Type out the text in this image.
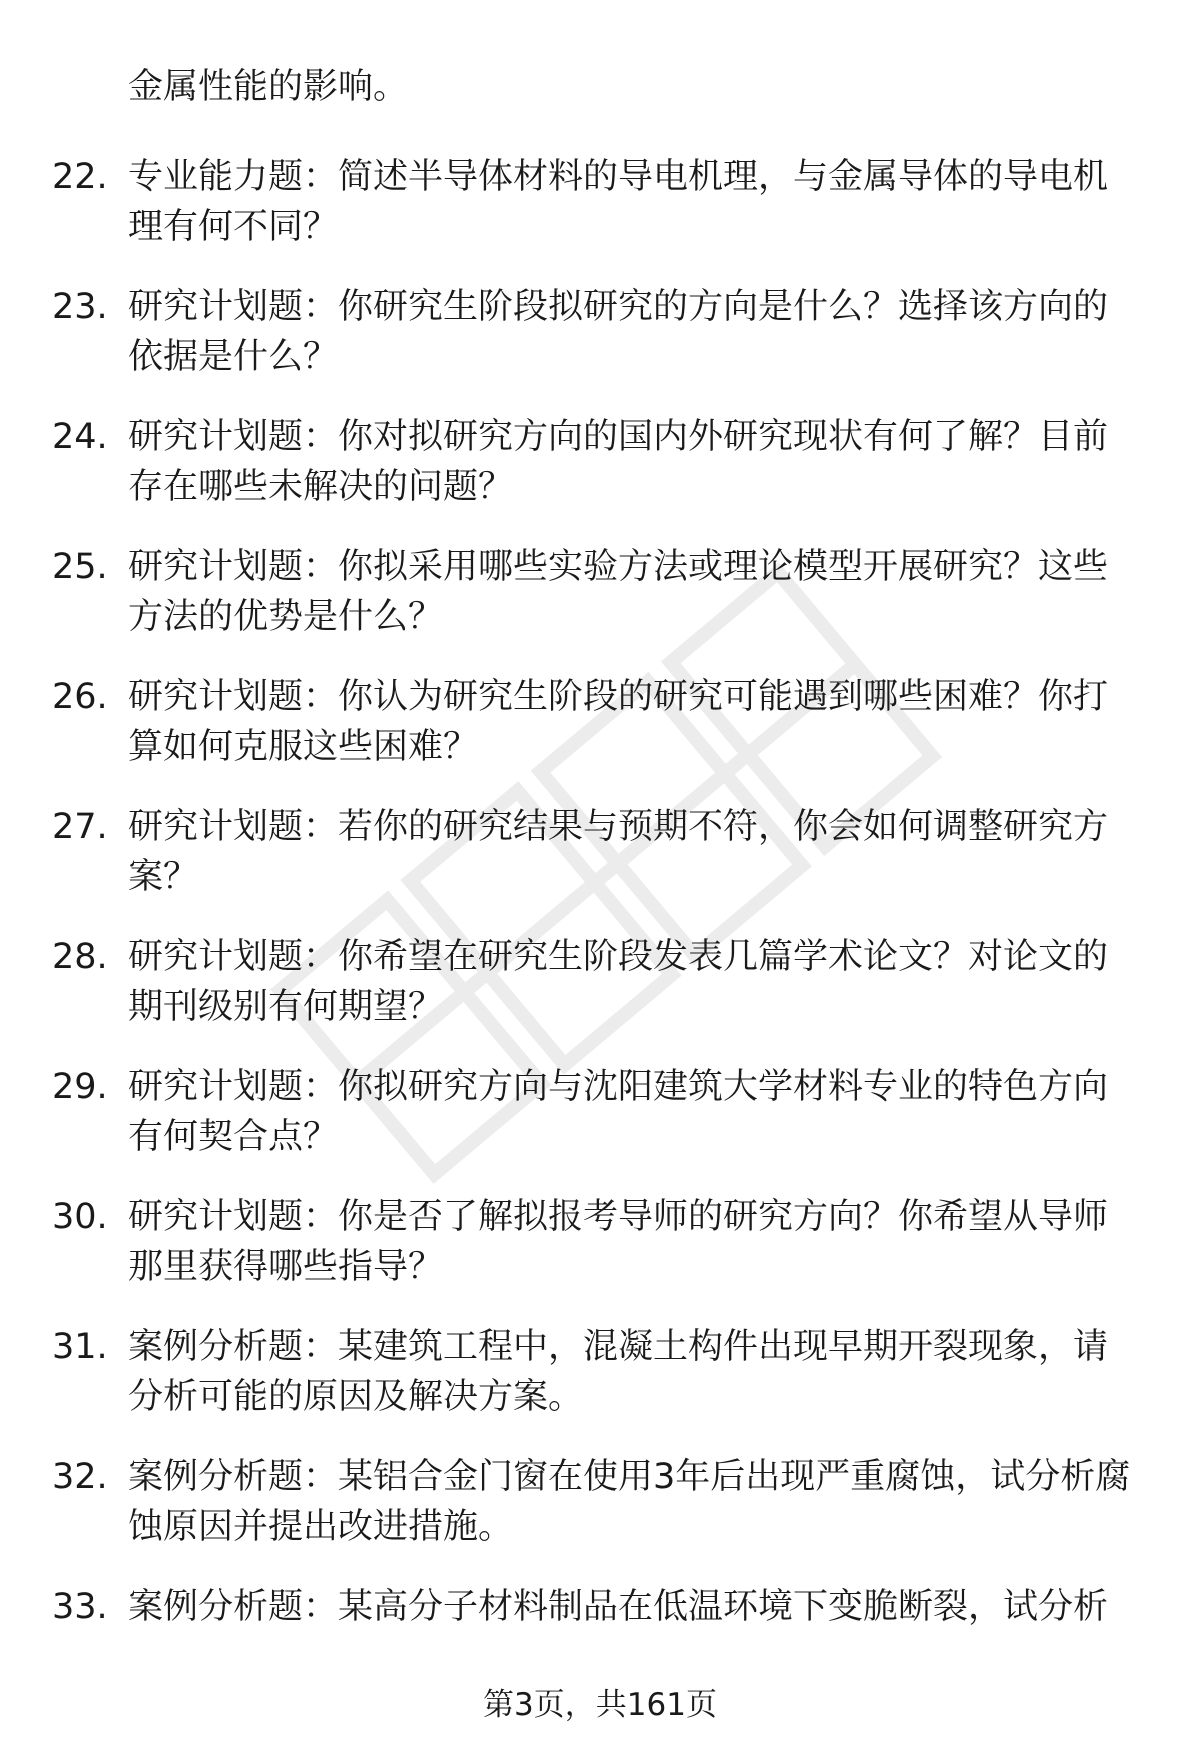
金属性能的影响。
22. 专业能力题：简述半导体材料的导电机理，与金属导体的导电机
理有何不同？
23. 研究计划题：你研究生阶段拟研究的方向是什么？选择该方向的
依据是什么？
24. 研究计划题：你对拟研究方向的国内外研究现状有何了解？目前
存在哪些未解决的问题？
25. 研究计划题：你拟采用哪些实验方法或理论模型开展研究？这些
方法的优势是什么？
26. 研究计划题：你认为研究生阶段的研究可能遇到哪些困难？你打
算如何克服这些困难？
27. 研究计划题：若你的研究结果与预期不符，你会如何调整研究方
案？
28. 研究计划题：你希望在研究生阶段发表几篇学术论文？对论文的
期刊级别有何期望？
29. 研究计划题：你拟研究方向与沈阳建筑大学材料专业的特色方向
有何契合点？
30. 研究计划题：你是否了解拟报考导师的研究方向？你希望从导师
那里获得哪些指导？
31. 案例分析题：某建筑工程中，混凝土构件出现早期开裂现象，请
分析可能的原因及解决方案。
32. 案例分析题：某铝合金门窗在使用3年后出现严重腐蚀，试分析腐
蚀原因并提出改进措施。
33. 案例分析题：某高分子材料制品在低温环境下变脆断裂，试分析
第3页，共161页
